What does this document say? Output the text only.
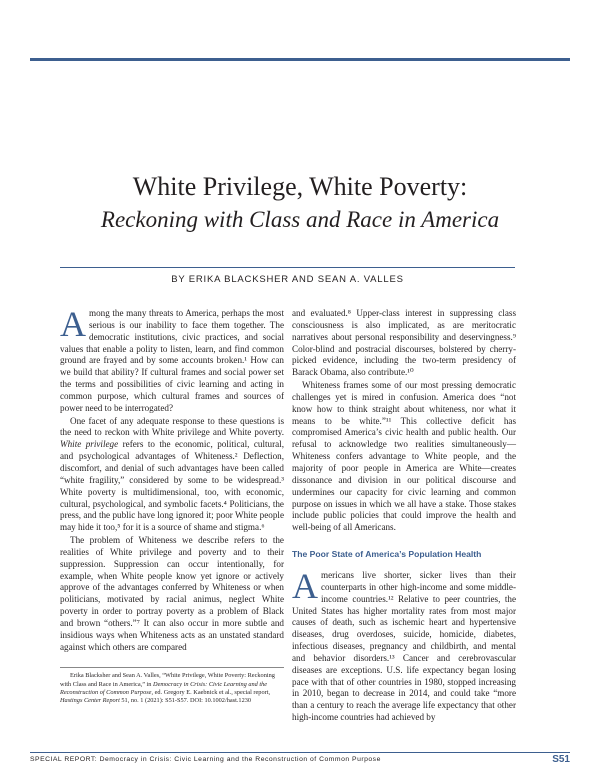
White Privilege, White Poverty:
Reckoning with Class and Race in America
BY ERIKA BLACKSHER AND SEAN A. VALLES

Among the many threats to America, perhaps the most serious is our inability to face them together. The democratic institutions, civic practices, and social values that enable a polity to listen, learn, and find common ground are frayed and by some accounts broken.¹ How can we build that ability? If cultural frames and social power set the terms and possibilities of civic learning and acting in common purpose, which cultural frames and sources of power need to be interrogated?

One facet of any adequate response to these questions is the need to reckon with White privilege and White poverty. White privilege refers to the economic, political, cultural, and psychological advantages of Whiteness.² Deflection, discomfort, and denial of such advantages have been called “white fragility,” considered by some to be widespread.³ White poverty is multidimensional, too, with economic, cultural, psychological, and symbolic facets.⁴ Politicians, the press, and the public have long ignored it; poor White people may hide it too,⁵ for it is a source of shame and stigma.⁶

The problem of Whiteness we describe refers to the realities of White privilege and poverty and to their suppression. Suppression can occur intentionally, for example, when White people know yet ignore or actively approve of the advantages conferred by Whiteness or when politicians, motivated by racial animus, neglect White poverty in order to portray poverty as a problem of Black and brown “others.”⁷ It can also occur in more subtle and insidious ways when Whiteness acts as an unstated standard against which others are compared

Erika Blacksher and Sean A. Valles, “White Privilege, White Poverty: Reckoning with Class and Race in America,” in Democracy in Crisis: Civic Learning and the Reconstruction of Common Purpose, ed. Gregory E. Kaebnick et al., special report, Hastings Center Report 51, no. 1 (2021): S51-S57. DOI: 10.1002/hast.1230

and evaluated.⁸ Upper-class interest in suppressing class consciousness is also implicated, as are meritocratic narratives about personal responsibility and deservingness.⁹ Color-blind and postracial discourses, bolstered by cherry-picked evidence, including the two-term presidency of Barack Obama, also contribute.¹⁰

Whiteness frames some of our most pressing democratic challenges yet is mired in confusion. America does “not know how to think straight about whiteness, nor what it means to be white.”¹¹ This collective deficit has compromised America’s civic health and public health. Our refusal to acknowledge two realities simultaneously—Whiteness confers advantage to White people, and the majority of poor people in America are White—creates dissonance and division in our political discourse and undermines our capacity for civic learning and common purpose on issues in which we all have a stake. Those stakes include public policies that could improve the health and well-being of all Americans.

The Poor State of America’s Population Health

Americans live shorter, sicker lives than their counterparts in other high-income and some middle-income countries.¹² Relative to peer countries, the United States has higher mortality rates from most major causes of death, such as ischemic heart and hypertensive diseases, drug overdoses, suicide, homicide, diabetes, infectious diseases, pregnancy and childbirth, and mental and behavior disorders.¹³ Cancer and cerebrovascular diseases are exceptions. U.S. life expectancy began losing pace with that of other countries in 1980, stopped increasing in 2010, began to decrease in 2014, and could take “more than a century to reach the average life expectancy that other high-income countries had achieved by

SPECIAL REPORT: Democracy in Crisis: Civic Learning and the Reconstruction of Common Purpose	S51
